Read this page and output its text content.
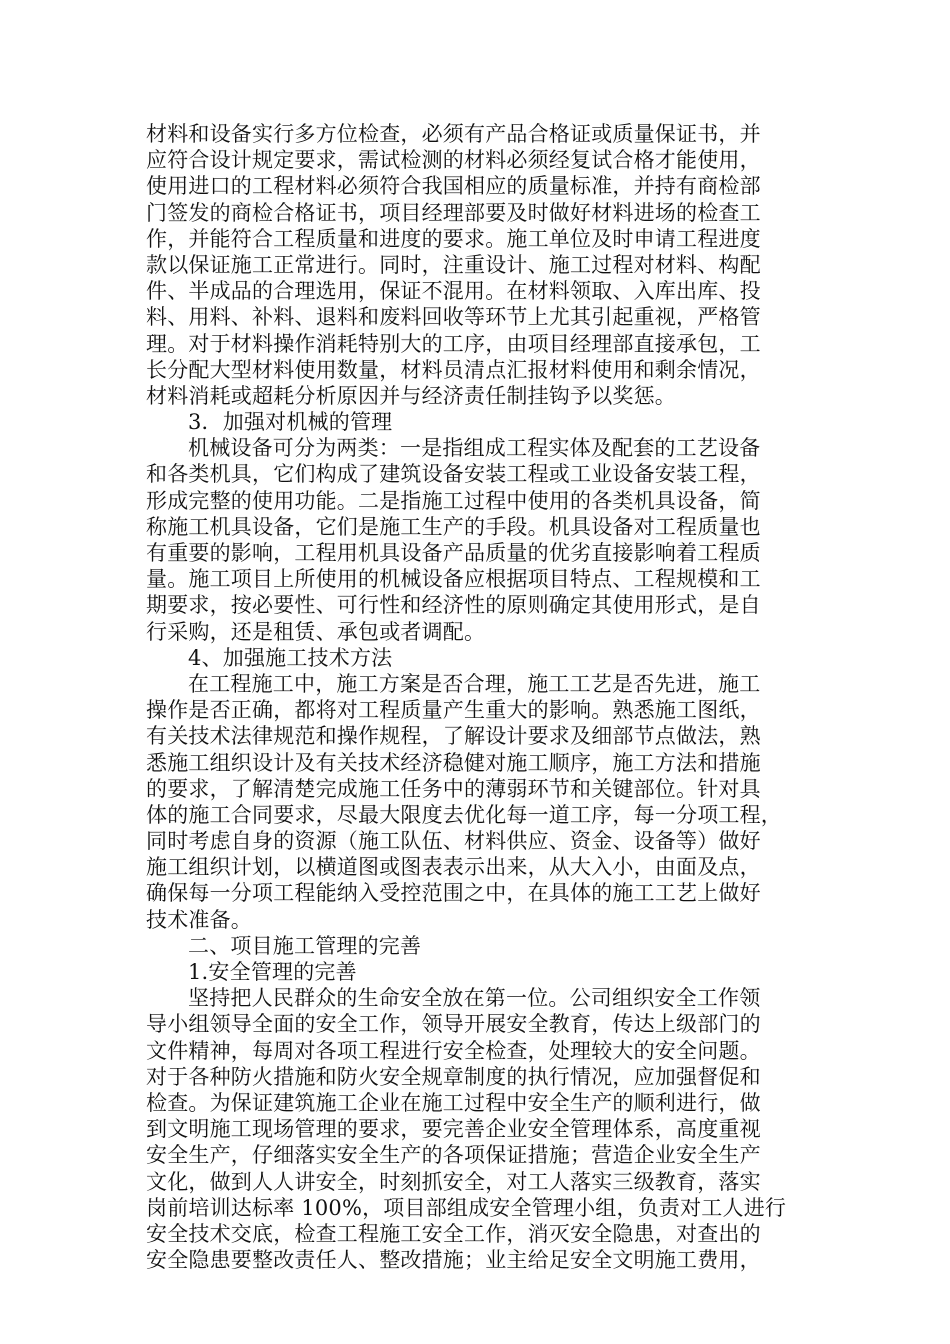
材料和设备实行多方位检查，必须有产品合格证或质量保证书，并
应符合设计规定要求，需试检测的材料必须经复试合格才能使用，
使用进口的工程材料必须符合我国相应的质量标准，并持有商检部
门签发的商检合格证书，项目经理部要及时做好材料进场的检查工
作，并能符合工程质量和进度的要求。施工单位及时申请工程进度
款以保证施工正常进行。同时，注重设计、施工过程对材料、构配
件、半成品的合理选用，保证不混用。在材料领取、入库出库、投
料、用料、补料、退料和废料回收等环节上尤其引起重视，严格管
理。对于材料操作消耗特别大的工序，由项目经理部直接承包，工
长分配大型材料使用数量，材料员清点汇报材料使用和剩余情况，
材料消耗或超耗分析原因并与经济责任制挂钩予以奖惩。
3．加强对机械的管理
机械设备可分为两类：一是指组成工程实体及配套的工艺设备
和各类机具，它们构成了建筑设备安装工程或工业设备安装工程，
形成完整的使用功能。二是指施工过程中使用的各类机具设备，简
称施工机具设备，它们是施工生产的手段。机具设备对工程质量也
有重要的影响，工程用机具设备产品质量的优劣直接影响着工程质
量。施工项目上所使用的机械设备应根据项目特点、工程规模和工
期要求，按必要性、可行性和经济性的原则确定其使用形式，是自
行采购，还是租赁、承包或者调配。
4、加强施工技术方法
在工程施工中，施工方案是否合理，施工工艺是否先进，施工
操作是否正确，都将对工程质量产生重大的影响。熟悉施工图纸，
有关技术法律规范和操作规程，了解设计要求及细部节点做法，熟
悉施工组织设计及有关技术经济稳健对施工顺序，施工方法和措施
的要求，了解清楚完成施工任务中的薄弱环节和关键部位。针对具
体的施工合同要求，尽最大限度去优化每一道工序，每一分项工程，
同时考虑自身的资源（施工队伍、材料供应、资金、设备等）做好
施工组织计划，以横道图或图表表示出来，从大入小，由面及点，
确保每一分项工程能纳入受控范围之中，在具体的施工工艺上做好
技术准备。
二、项目施工管理的完善
1.安全管理的完善
坚持把人民群众的生命安全放在第一位。公司组织安全工作领
导小组领导全面的安全工作，领导开展安全教育，传达上级部门的
文件精神，每周对各项工程进行安全检查，处理较大的安全问题。
对于各种防火措施和防火安全规章制度的执行情况，应加强督促和
检查。为保证建筑施工企业在施工过程中安全生产的顺利进行，做
到文明施工现场管理的要求，要完善企业安全管理体系，高度重视
安全生产，仔细落实安全生产的各项保证措施；营造企业安全生产
文化，做到人人讲安全，时刻抓安全，对工人落实三级教育，落实
岗前培训达标率 100%，项目部组成安全管理小组，负责对工人进行
安全技术交底，检查工程施工安全工作，消灭安全隐患，对查出的
安全隐患要整改责任人、整改措施；业主给足安全文明施工费用，
